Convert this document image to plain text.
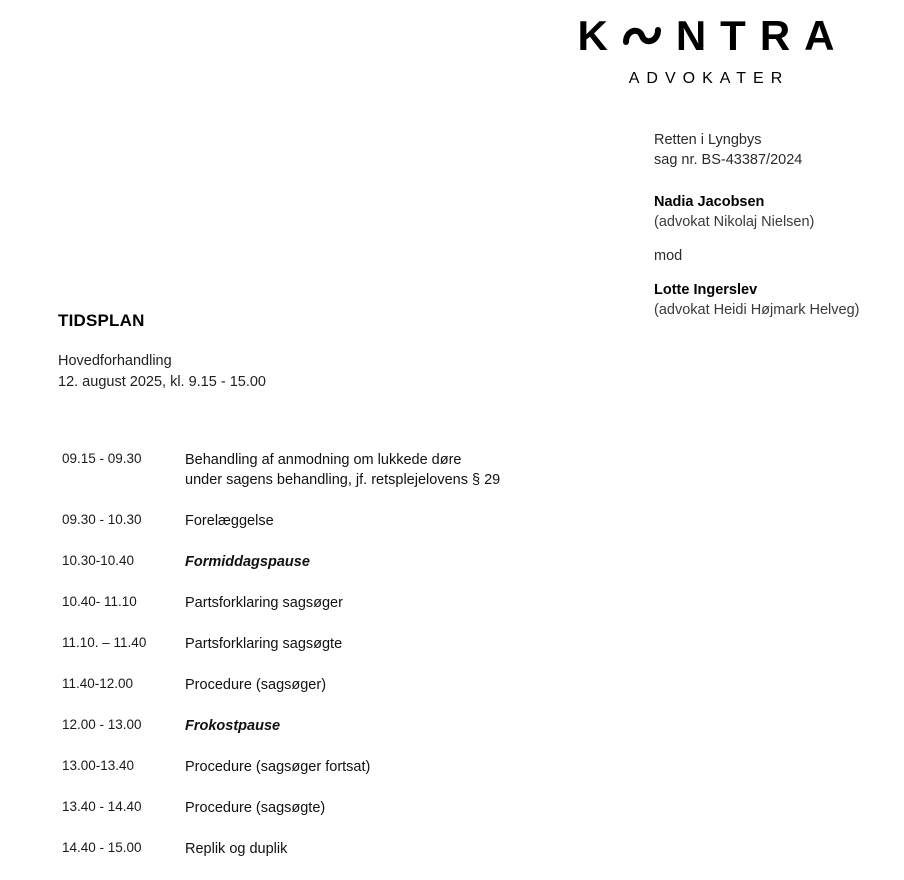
K N T R A
ADVOKATER
Retten i Lyngbys
sag nr. BS-43387/2024
Nadia Jacobsen
(advokat Nikolaj Nielsen)
mod
Lotte Ingerslev
(advokat Heidi Højmark Helveg)
TIDSPLAN
Hovedforhandling
12. august 2025, kl. 9.15 - 15.00
09.15 - 09.30	Behandling af anmodning om lukkede døre
under sagens behandling, jf. retsplejelovens § 29
09.30 - 10.30	Forelæggelse
10.30-10.40	Formiddagspause
10.40- 11.10	Partsforklaring sagsøger
11.10. – 11.40	Partsforklaring sagsøgte
11.40-12.00	Procedure (sagsøger)
12.00 - 13.00	Frokostpause
13.00-13.40	Procedure (sagsøger fortsat)
13.40 - 14.40	Procedure (sagsøgte)
14.40 - 15.00	Replik og duplik
